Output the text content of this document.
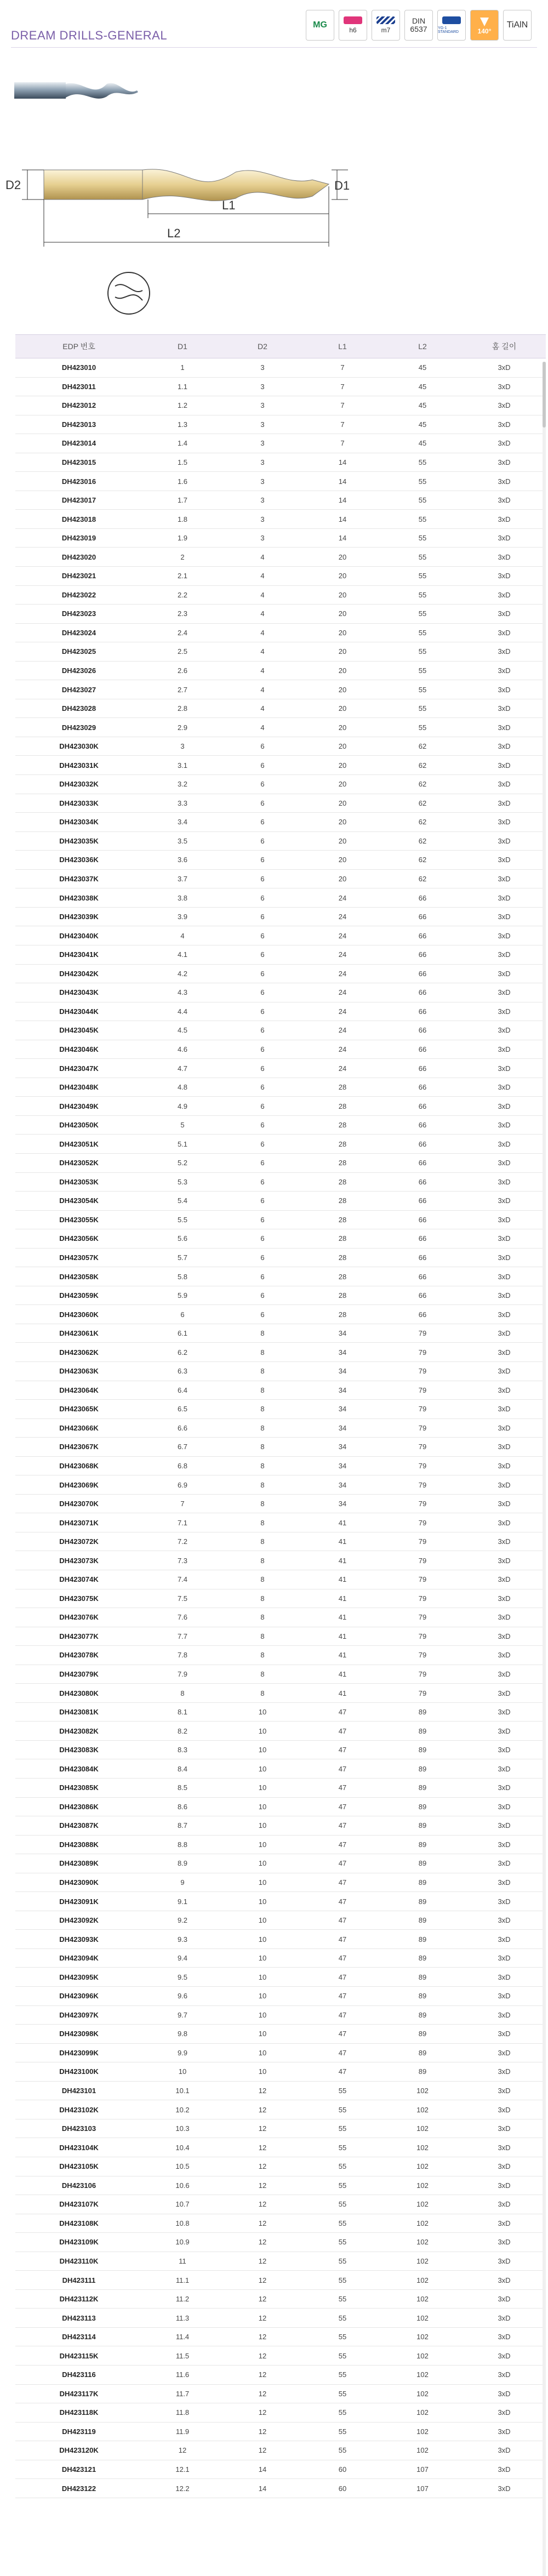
DREAM DRILLS-GENERAL
MG
h6	m7
DIN
6537	YG-1 STANDARD	140°
TiAlN
D2	D1
L1
L2
EDP 번호	D1	D2	L1	L2	홈 길이
DH423010	1	3	7	45	3xD
DH423011	1.1	3	7	45	3xD
DH423012	1.2	3	7	45	3xD
DH423013	1.3	3	7	45	3xD
DH423014	1.4	3	7	45	3xD
DH423015	1.5	3	14	55	3xD
DH423016	1.6	3	14	55	3xD
DH423017	1.7	3	14	55	3xD
DH423018	1.8	3	14	55	3xD
DH423019	1.9	3	14	55	3xD
DH423020	2	4	20	55	3xD
DH423021	2.1	4	20	55	3xD
DH423022	2.2	4	20	55	3xD
DH423023	2.3	4	20	55	3xD
DH423024	2.4	4	20	55	3xD
DH423025	2.5	4	20	55	3xD
DH423026	2.6	4	20	55	3xD
DH423027	2.7	4	20	55	3xD
DH423028	2.8	4	20	55	3xD
DH423029	2.9	4	20	55	3xD
DH423030K	3	6	20	62	3xD
DH423031K	3.1	6	20	62	3xD
DH423032K	3.2	6	20	62	3xD
DH423033K	3.3	6	20	62	3xD
DH423034K	3.4	6	20	62	3xD
DH423035K	3.5	6	20	62	3xD
DH423036K	3.6	6	20	62	3xD
DH423037K	3.7	6	20	62	3xD
DH423038K	3.8	6	24	66	3xD
DH423039K	3.9	6	24	66	3xD
DH423040K	4	6	24	66	3xD
DH423041K	4.1	6	24	66	3xD
DH423042K	4.2	6	24	66	3xD
DH423043K	4.3	6	24	66	3xD
DH423044K	4.4	6	24	66	3xD
DH423045K	4.5	6	24	66	3xD
DH423046K	4.6	6	24	66	3xD
DH423047K	4.7	6	24	66	3xD
DH423048K	4.8	6	28	66	3xD
DH423049K	4.9	6	28	66	3xD
DH423050K	5	6	28	66	3xD
DH423051K	5.1	6	28	66	3xD
DH423052K	5.2	6	28	66	3xD
DH423053K	5.3	6	28	66	3xD
DH423054K	5.4	6	28	66	3xD
DH423055K	5.5	6	28	66	3xD
DH423056K	5.6	6	28	66	3xD
DH423057K	5.7	6	28	66	3xD
DH423058K	5.8	6	28	66	3xD
DH423059K	5.9	6	28	66	3xD
DH423060K	6	6	28	66	3xD
DH423061K	6.1	8	34	79	3xD
DH423062K	6.2	8	34	79	3xD
DH423063K	6.3	8	34	79	3xD
DH423064K	6.4	8	34	79	3xD
DH423065K	6.5	8	34	79	3xD
DH423066K	6.6	8	34	79	3xD
DH423067K	6.7	8	34	79	3xD
DH423068K	6.8	8	34	79	3xD
DH423069K	6.9	8	34	79	3xD
DH423070K	7	8	34	79	3xD
DH423071K	7.1	8	41	79	3xD
DH423072K	7.2	8	41	79	3xD
DH423073K	7.3	8	41	79	3xD
DH423074K	7.4	8	41	79	3xD
DH423075K	7.5	8	41	79	3xD
DH423076K	7.6	8	41	79	3xD
DH423077K	7.7	8	41	79	3xD
DH423078K	7.8	8	41	79	3xD
DH423079K	7.9	8	41	79	3xD
DH423080K	8	8	41	79	3xD
DH423081K	8.1	10	47	89	3xD
DH423082K	8.2	10	47	89	3xD
DH423083K	8.3	10	47	89	3xD
DH423084K	8.4	10	47	89	3xD
DH423085K	8.5	10	47	89	3xD
DH423086K	8.6	10	47	89	3xD
DH423087K	8.7	10	47	89	3xD
DH423088K	8.8	10	47	89	3xD
DH423089K	8.9	10	47	89	3xD
DH423090K	9	10	47	89	3xD
DH423091K	9.1	10	47	89	3xD
DH423092K	9.2	10	47	89	3xD
DH423093K	9.3	10	47	89	3xD
DH423094K	9.4	10	47	89	3xD
DH423095K	9.5	10	47	89	3xD
DH423096K	9.6	10	47	89	3xD
DH423097K	9.7	10	47	89	3xD
DH423098K	9.8	10	47	89	3xD
DH423099K	9.9	10	47	89	3xD
DH423100K	10	10	47	89	3xD
DH423101	10.1	12	55	102	3xD
DH423102K	10.2	12	55	102	3xD
DH423103	10.3	12	55	102	3xD
DH423104K	10.4	12	55	102	3xD
DH423105K	10.5	12	55	102	3xD
DH423106	10.6	12	55	102	3xD
DH423107K	10.7	12	55	102	3xD
DH423108K	10.8	12	55	102	3xD
DH423109K	10.9	12	55	102	3xD
DH423110K	11	12	55	102	3xD
DH423111	11.1	12	55	102	3xD
DH423112K	11.2	12	55	102	3xD
DH423113	11.3	12	55	102	3xD
DH423114	11.4	12	55	102	3xD
DH423115K	11.5	12	55	102	3xD
DH423116	11.6	12	55	102	3xD
DH423117K	11.7	12	55	102	3xD
DH423118K	11.8	12	55	102	3xD
DH423119	11.9	12	55	102	3xD
DH423120K	12	12	55	102	3xD
DH423121	12.1	14	60	107	3xD
DH423122	12.2	14	60	107	3xD
